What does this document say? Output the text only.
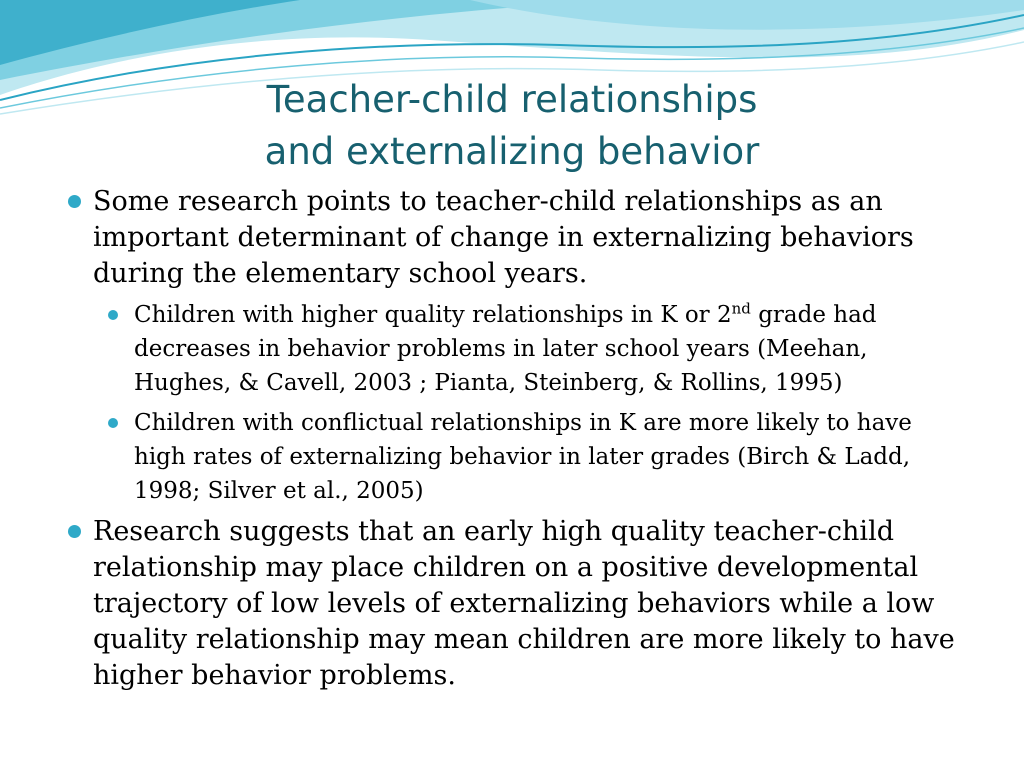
Teacher-child relationships
and externalizing behavior
Some research points to teacher-child relationships as an important determinant of change in externalizing behaviors during the elementary school years.
Children with higher quality relationships in K or 2nd grade had decreases in behavior problems in later school years (Meehan, Hughes, & Cavell, 2003 ; Pianta, Steinberg, & Rollins, 1995)
Children with conflictual relationships in K are more likely to have high rates of externalizing behavior in later grades (Birch & Ladd, 1998; Silver et al., 2005)
Research suggests that an early high quality teacher-child relationship may place children on a positive developmental trajectory of low levels of externalizing behaviors while a low quality relationship may mean children are more likely to have higher behavior problems.
